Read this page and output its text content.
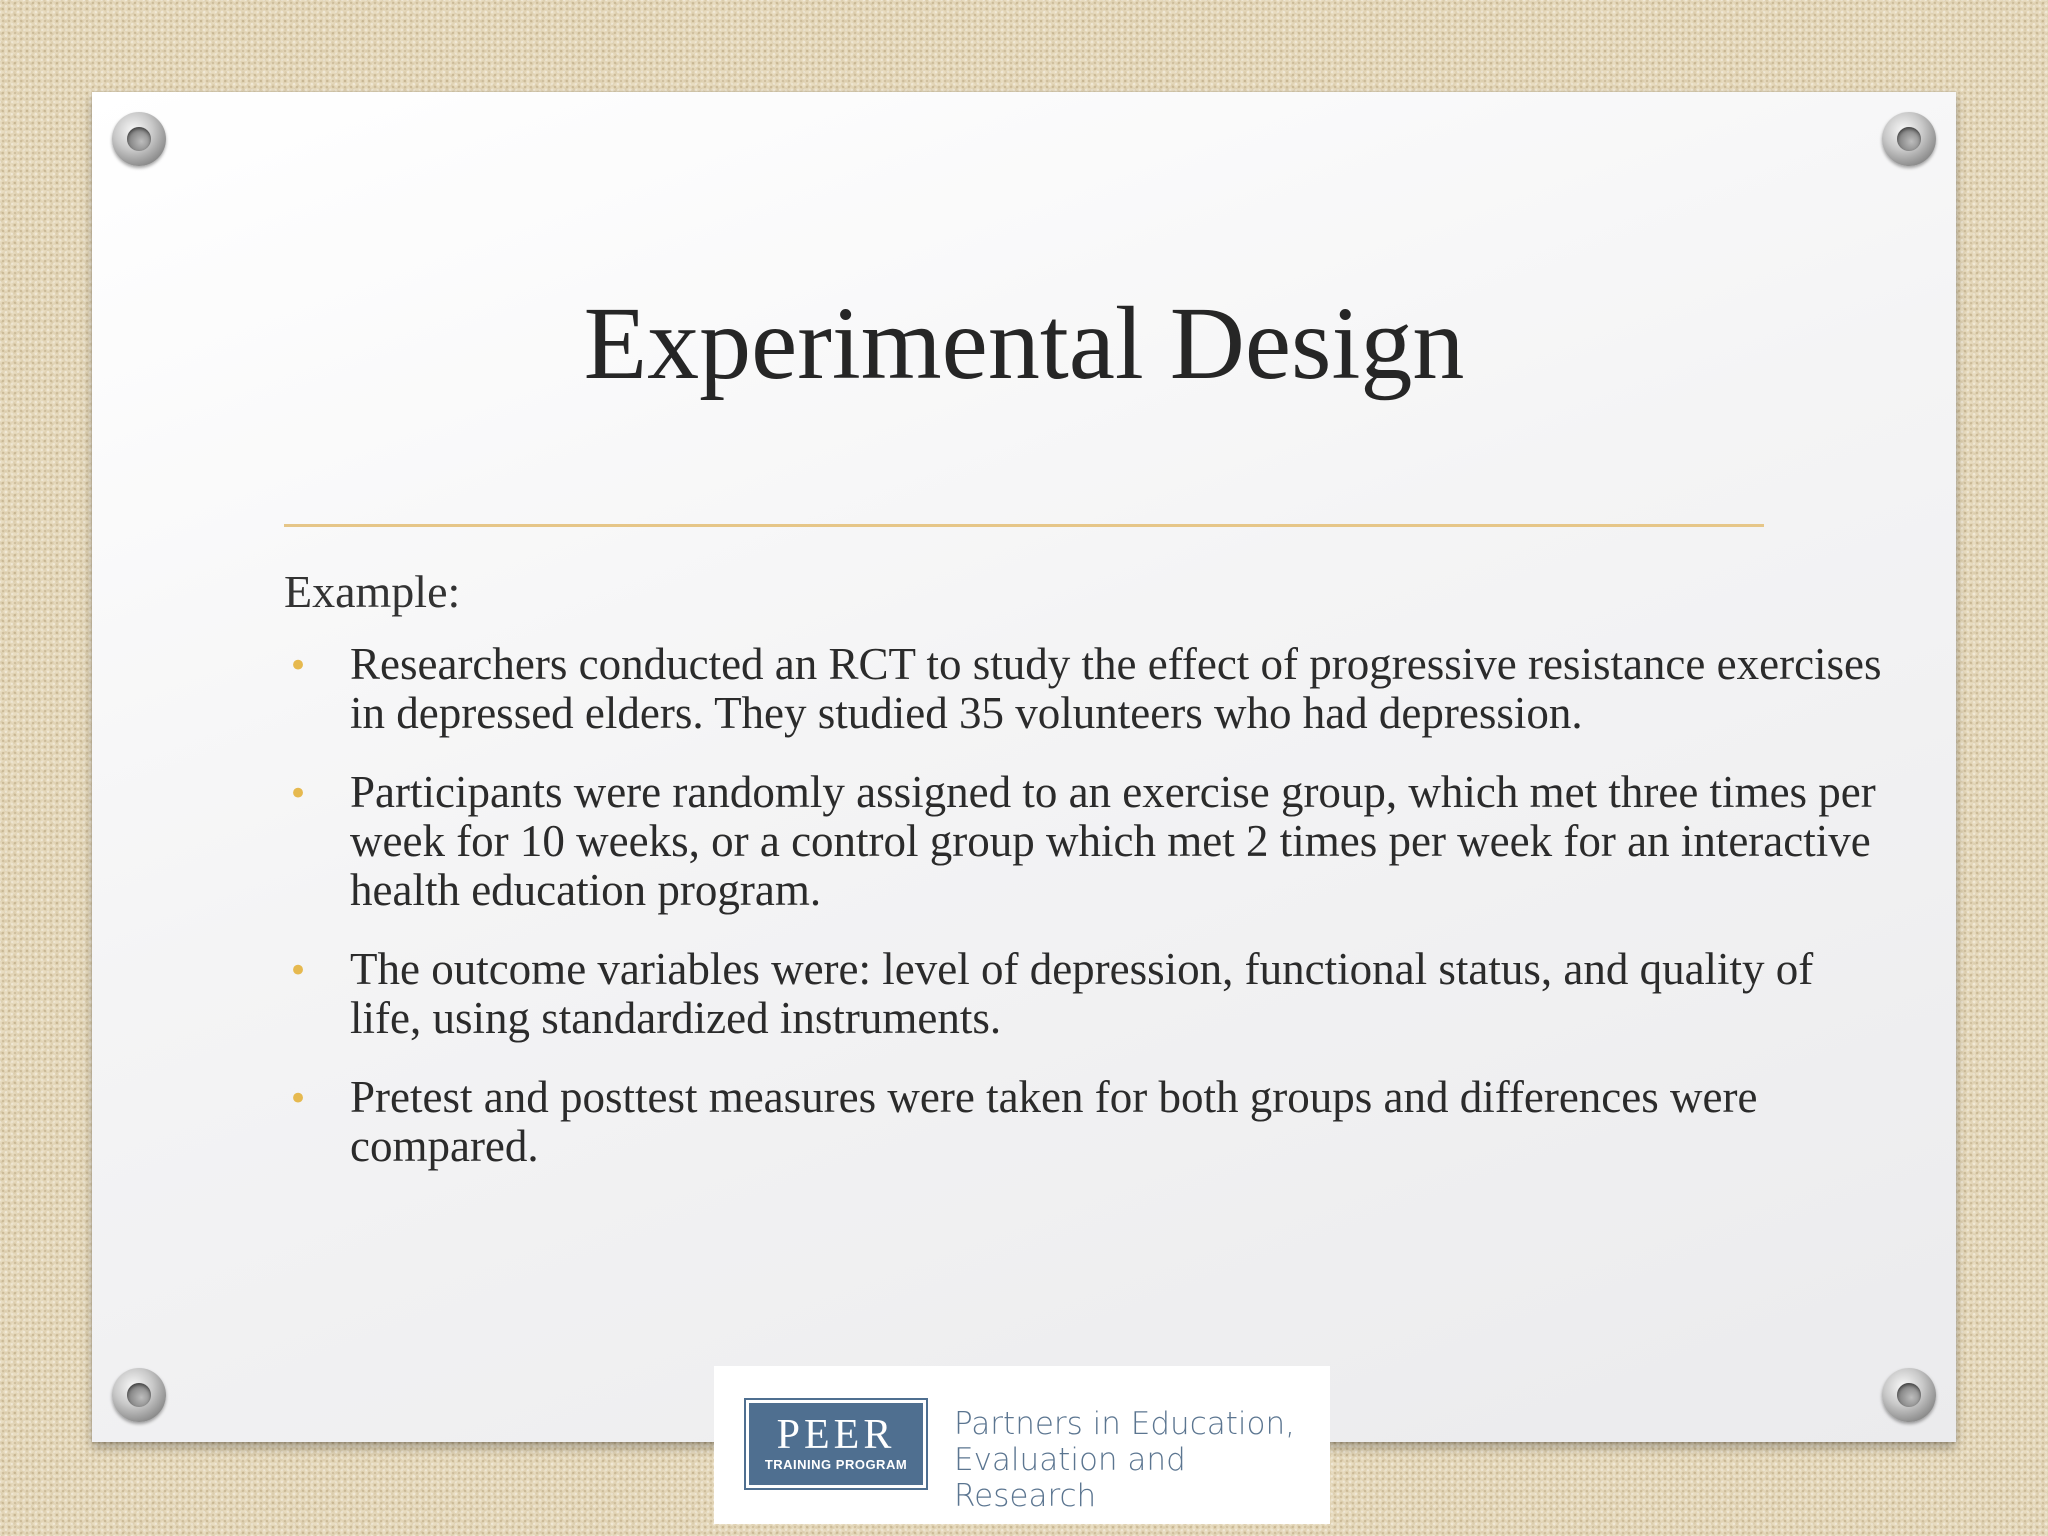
Experimental Design

Example:

• Researchers conducted an RCT to study the effect of progressive resistance exercises in depressed elders. They studied 35 volunteers who had depression.
• Participants were randomly assigned to an exercise group, which met three times per week for 10 weeks, or a control group which met 2 times per week for an interactive health education program.
• The outcome variables were: level of depression, functional status, and quality of life, using standardized instruments.
• Pretest and posttest measures were taken for both groups and differences were compared.
PEER
TRAINING PROGRAM
Partners in Education,
Evaluation and Research
